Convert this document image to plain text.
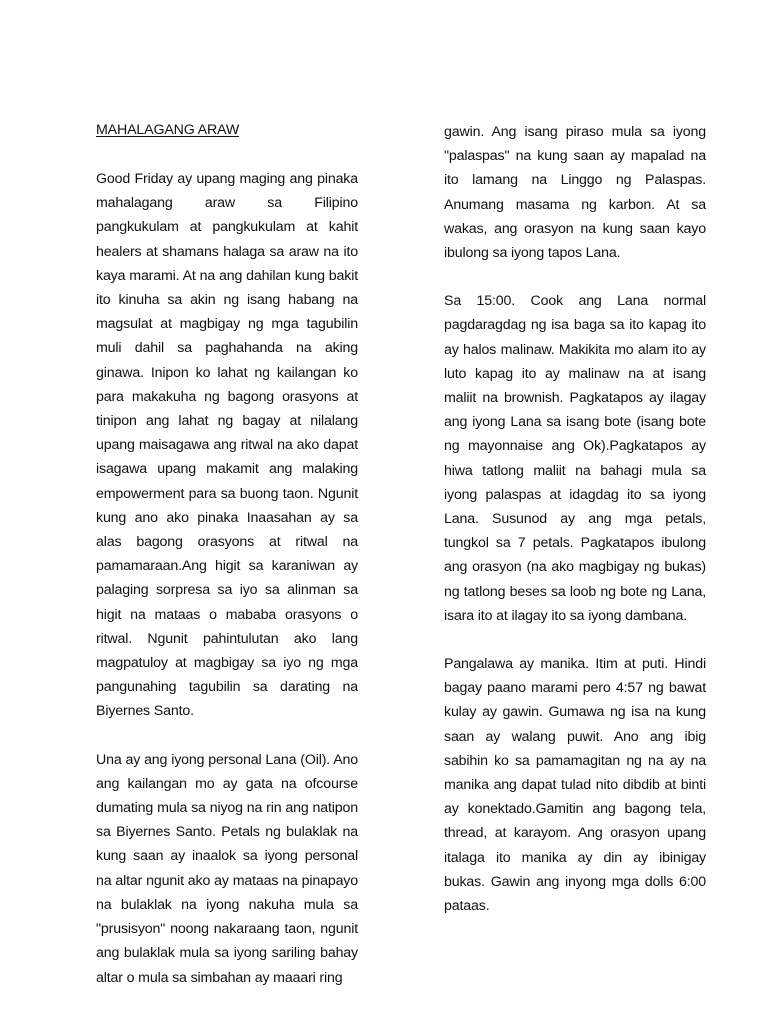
MAHALAGANG ARAW

Good Friday ay upang maging ang pinaka mahalagang araw sa Filipino pangkukulam at pangkukulam at kahit healers at shamans halaga sa araw na ito kaya marami. At na ang dahilan kung bakit ito kinuha sa akin ng isang habang na magsulat at magbigay ng mga tagubilin muli dahil sa paghahanda na aking ginawa. Inipon ko lahat ng kailangan ko para makakuha ng bagong orasyons at tinipon ang lahat ng bagay at nilalang upang maisagawa ang ritwal na ako dapat isagawa upang makamit ang malaking empowerment para sa buong taon. Ngunit kung ano ako pinaka Inaasahan ay sa alas bagong orasyons at ritwal na pamamaraan.Ang higit sa karaniwan ay palaging sorpresa sa iyo sa alinman sa higit na mataas o mababa orasyons o ritwal. Ngunit pahintulutan ako lang magpatuloy at magbigay sa iyo ng mga pangunahing tagubilin sa darating na Biyernes Santo.

Una ay ang iyong personal Lana (Oil). Ano ang kailangan mo ay gata na ofcourse dumating mula sa niyog na rin ang natipon sa Biyernes Santo. Petals ng bulaklak na kung saan ay inaalok sa iyong personal na altar ngunit ako ay mataas na pinapayo na bulaklak na iyong nakuha mula sa "prusisyon" noong nakaraang taon, ngunit ang bulaklak mula sa iyong sariling bahay altar o mula sa simbahan ay maaari ring

gawin. Ang isang piraso mula sa iyong "palaspas" na kung saan ay mapalad na ito lamang na Linggo ng Palaspas. Anumang masama ng karbon. At sa wakas, ang orasyon na kung saan kayo ibulong sa iyong tapos Lana.

Sa 15:00. Cook ang Lana normal pagdaragdag ng isa baga sa ito kapag ito ay halos malinaw. Makikita mo alam ito ay luto kapag ito ay malinaw na at isang maliit na brownish. Pagkatapos ay ilagay ang iyong Lana sa isang bote (isang bote ng mayonnaise ang Ok).Pagkatapos ay hiwa tatlong maliit na bahagi mula sa iyong palaspas at idagdag ito sa iyong Lana. Susunod ay ang mga petals, tungkol sa 7 petals. Pagkatapos ibulong ang orasyon (na ako magbigay ng bukas) ng tatlong beses sa loob ng bote ng Lana, isara ito at ilagay ito sa iyong dambana.

Pangalawa ay manika. Itim at puti. Hindi bagay paano marami pero 4:57 ng bawat kulay ay gawin. Gumawa ng isa na kung saan ay walang puwit. Ano ang ibig sabihin ko sa pamamagitan ng na ay na manika ang dapat tulad nito dibdib at binti ay konektado.Gamitin ang bagong tela, thread, at karayom. Ang orasyon upang italaga ito manika ay din ay ibinigay bukas. Gawin ang inyong mga dolls 6:00 pataas.
